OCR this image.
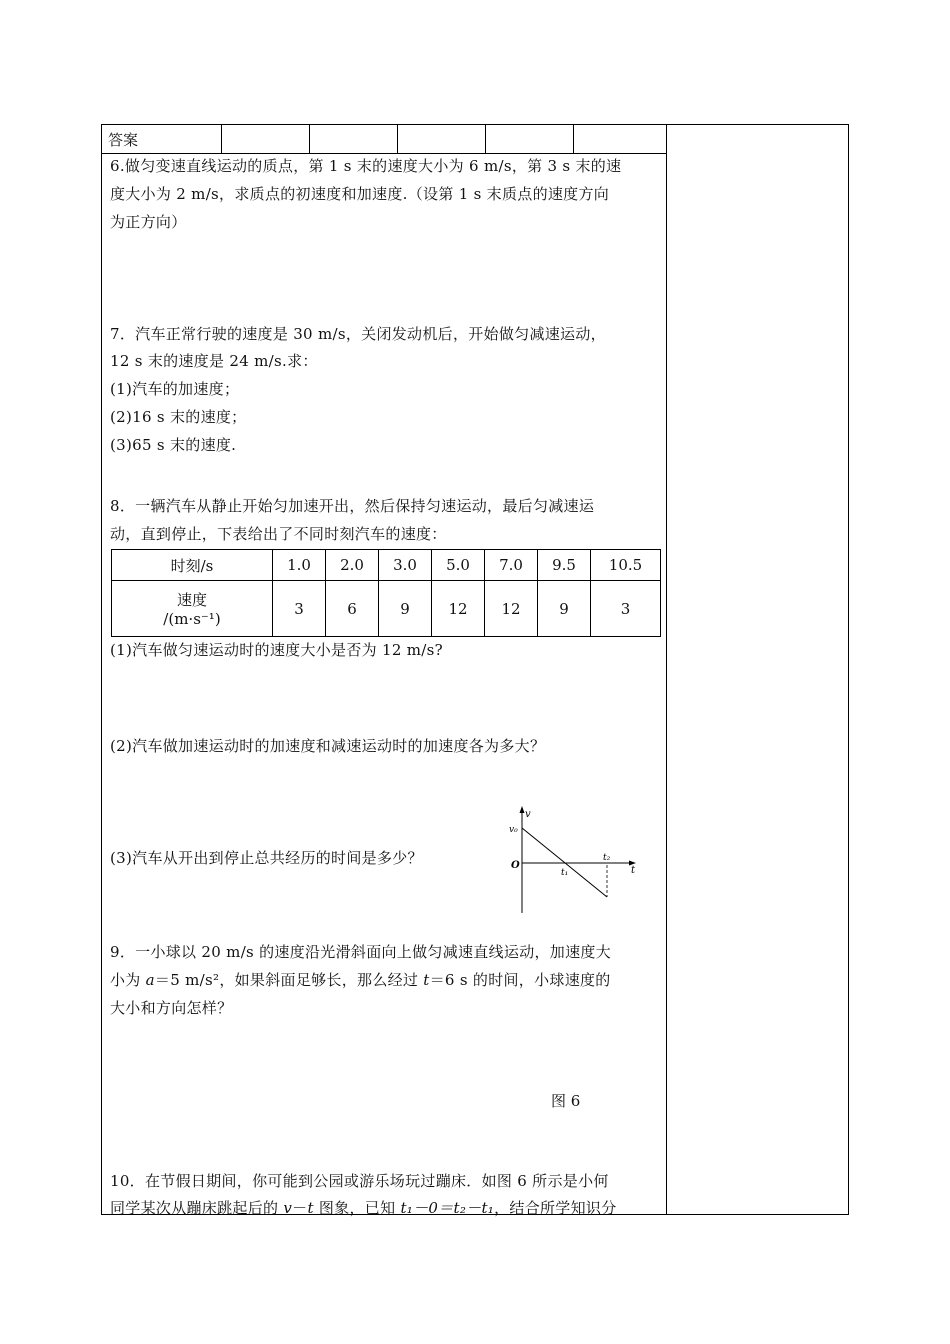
答案
6.做匀变速直线运动的质点，第 1 s 末的速度大小为 6 m/s，第 3 s 末的速
度大小为 2 m/s，求质点的初速度和加速度.（设第 1 s 末质点的速度方向
为正方向）
7．汽车正常行驶的速度是 30 m/s，关闭发动机后，开始做匀减速运动，
12 s 末的速度是 24 m/s.求：
(1)汽车的加速度；
(2)16 s 末的速度；
(3)65 s 末的速度.
8．一辆汽车从静止开始匀加速开出，然后保持匀速运动，最后匀减速运
动，直到停止，下表给出了不同时刻汽车的速度：
时刻/s	1.0	2.0	3.0	5.0	7.0	9.5	10.5

速度
/(m·s⁻¹)	3	6	9	12	12	9	3
(1)汽车做匀速运动时的速度大小是否为 12 m/s?
(2)汽车做加速运动时的加速度和减速运动时的加速度各为多大？
(3)汽车从开出到停止总共经历的时间是多少？
v
v₀
O
t₁
t₂
t
9．一小球以 20 m/s 的速度沿光滑斜面向上做匀减速直线运动，加速度大
小为 a＝5 m/s²，如果斜面足够长，那么经过 t＝6 s 的时间，小球速度的
大小和方向怎样？
图 6
10．在节假日期间，你可能到公园或游乐场玩过蹦床．如图 6 所示是小何
同学某次从蹦床跳起后的 v－t 图象，已知 t₁－0＝t₂－t₁，结合所学知识分
